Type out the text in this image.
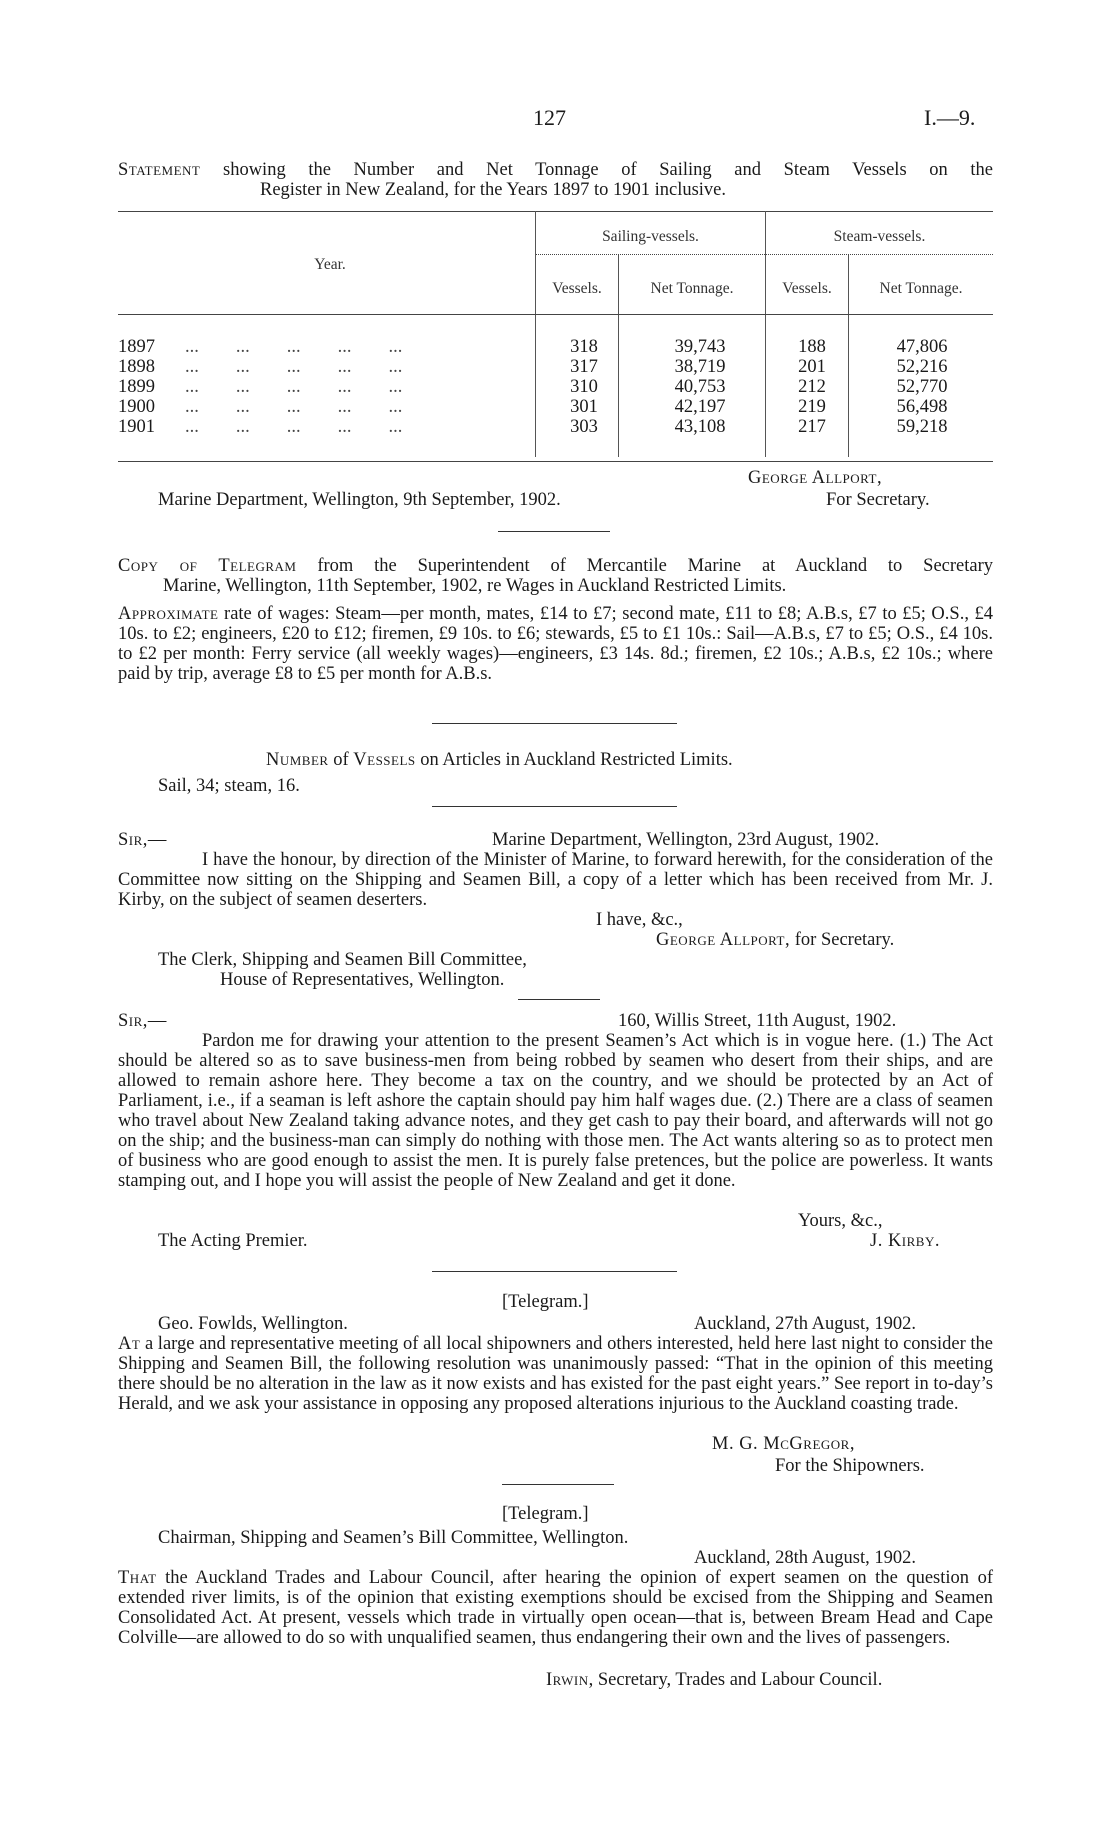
127	I.—9.
Statement showing the Number and Net Tonnage of Sailing and Steam Vessels on the
Register in New Zealand, for the Years 1897 to 1901 inclusive.
Year.
Sailing-vessels.	Steam-vessels.
Vessels.	Net Tonnage.	Vessels.	Net Tonnage.
1897 ...        ...        ...        ...        ...	318	39,743	188	47,806
1898 ...        ...        ...        ...        ...	317	38,719	201	52,216
1899 ...        ...        ...        ...        ...	310	40,753	212	52,770
1900 ...        ...        ...        ...        ...	301	42,197	219	56,498
1901 ...        ...        ...        ...        ...	303	43,108	217	59,218
George Allport,
For Secretary.
Marine Department, Wellington, 9th September, 1902.
Copy of Telegram from the Superintendent of Mercantile Marine at Auckland to Secretary
Marine, Wellington, 11th September, 1902, re Wages in Auckland Restricted Limits.
Approximate rate of wages: Steam—per month, mates, £14 to £7; second mate, £11 to £8; A.B.s, £7 to £5; O.S., £4 10s. to £2; engineers, £20 to £12; firemen, £9 10s. to £6; stewards, £5 to £1 10s.: Sail—A.B.s, £7 to £5; O.S., £4 10s. to £2 per month: Ferry service (all weekly wages)—engineers, £3 14s. 8d.; firemen, £2 10s.; A.B.s, £2 10s.; where paid by trip, average £8 to £5 per month for A.B.s.
Number of Vessels on Articles in Auckland Restricted Limits.
Sail, 34; steam, 16.
Sir,—	Marine Department, Wellington, 23rd August, 1902.
I have the honour, by direction of the Minister of Marine, to forward herewith, for the consideration of the Committee now sitting on the Shipping and Seamen Bill, a copy of a letter which has been received from Mr. J. Kirby, on the subject of seamen deserters.
I have, &c.,
George Allport, for Secretary.
The Clerk, Shipping and Seamen Bill Committee,
House of Representatives, Wellington.
Sir,—	160, Willis Street, 11th August, 1902.
Pardon me for drawing your attention to the present Seamen’s Act which is in vogue here. (1.) The Act should be altered so as to save business-men from being robbed by seamen who desert from their ships, and are allowed to remain ashore here. They become a tax on the country, and we should be protected by an Act of Parliament, i.e., if a seaman is left ashore the captain should pay him half wages due. (2.) There are a class of seamen who travel about New Zealand taking advance notes, and they get cash to pay their board, and afterwards will not go on the ship; and the business-man can simply do nothing with those men. The Act wants altering so as to protect men of business who are good enough to assist the men. It is purely false pretences, but the police are powerless. It wants stamping out, and I hope you will assist the people of New Zealand and get it done.
Yours, &c.,
The Acting Premier.	J. Kirby.
[Telegram.]
Geo. Fowlds, Wellington.	Auckland, 27th August, 1902.
At a large and representative meeting of all local shipowners and others interested, held here last night to consider the Shipping and Seamen Bill, the following resolution was unanimously passed: “That in the opinion of this meeting there should be no alteration in the law as it now exists and has existed for the past eight years.” See report in to-day’s Herald, and we ask your assistance in opposing any proposed alterations injurious to the Auckland coasting trade.
M. G. McGregor,
For the Shipowners.
[Telegram.]
Chairman, Shipping and Seamen’s Bill Committee, Wellington.
Auckland, 28th August, 1902.
That the Auckland Trades and Labour Council, after hearing the opinion of expert seamen on the question of extended river limits, is of the opinion that existing exemptions should be excised from the Shipping and Seamen Consolidated Act. At present, vessels which trade in virtually open ocean—that is, between Bream Head and Cape Colville—are allowed to do so with unqualified seamen, thus endangering their own and the lives of passengers.
Irwin, Secretary, Trades and Labour Council.
